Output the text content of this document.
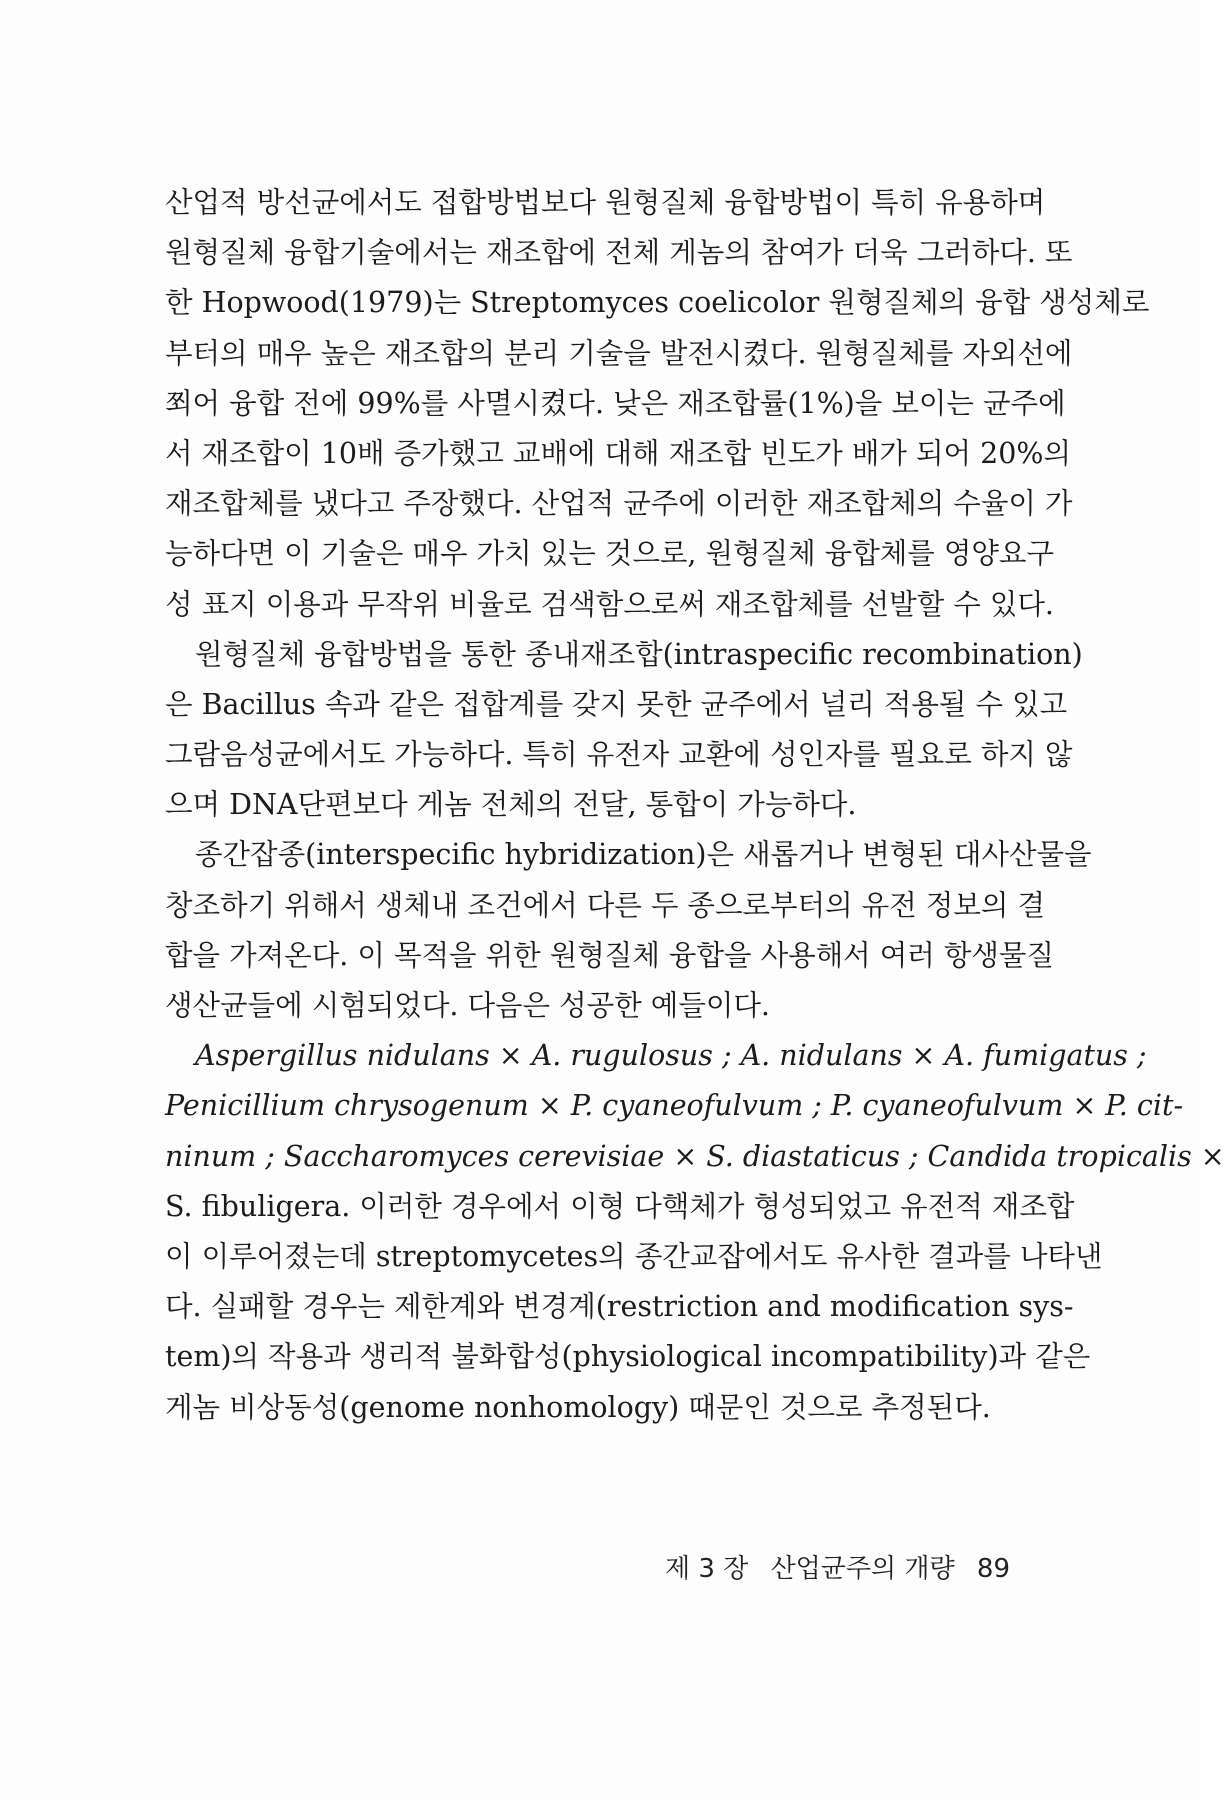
산업적 방선균에서도 접합방법보다 원형질체 융합방법이 특히 유용하며
원형질체 융합기술에서는 재조합에 전체 게놈의 참여가 더욱 그러하다. 또
한 Hopwood(1979)는 Streptomyces coelicolor 원형질체의 융합 생성체로
부터의 매우 높은 재조합의 분리 기술을 발전시켰다. 원형질체를 자외선에
쬐어 융합 전에 99%를 사멸시켰다. 낮은 재조합률(1%)을 보이는 균주에
서 재조합이 10배 증가했고 교배에 대해 재조합 빈도가 배가 되어 20%의
재조합체를 냈다고 주장했다. 산업적 균주에 이러한 재조합체의 수율이 가
능하다면 이 기술은 매우 가치 있는 것으로, 원형질체 융합체를 영양요구
성 표지 이용과 무작위 비율로 검색함으로써 재조합체를 선발할 수 있다.
원형질체 융합방법을 통한 종내재조합(intraspecific recombination)
은 Bacillus 속과 같은 접합계를 갖지 못한 균주에서 널리 적용될 수 있고
그람음성균에서도 가능하다. 특히 유전자 교환에 성인자를 필요로 하지 않
으며 DNA단편보다 게놈 전체의 전달, 통합이 가능하다.
종간잡종(interspecific hybridization)은 새롭거나 변형된 대사산물을
창조하기 위해서 생체내 조건에서 다른 두 종으로부터의 유전 정보의 결
합을 가져온다. 이 목적을 위한 원형질체 융합을 사용해서 여러 항생물질
생산균들에 시험되었다. 다음은 성공한 예들이다.
Aspergillus nidulans × A. rugulosus ; A. nidulans × A. fumigatus ;
Penicillium chrysogenum × P. cyaneofulvum ; P. cyaneofulvum × P. cit-
ninum ; Saccharomyces cerevisiae × S. diastaticus ; Candida tropicalis ×
S. fibuligera. 이러한 경우에서 이형 다핵체가 형성되었고 유전적 재조합
이 이루어졌는데 streptomycetes의 종간교잡에서도 유사한 결과를 나타낸
다. 실패할 경우는 제한계와 변경계(restriction and modification sys-
tem)의 작용과 생리적 불화합성(physiological incompatibility)과 같은
게놈 비상동성(genome nonhomology) 때문인 것으로 추정된다.
제 3 장 산업균주의 개량 89
